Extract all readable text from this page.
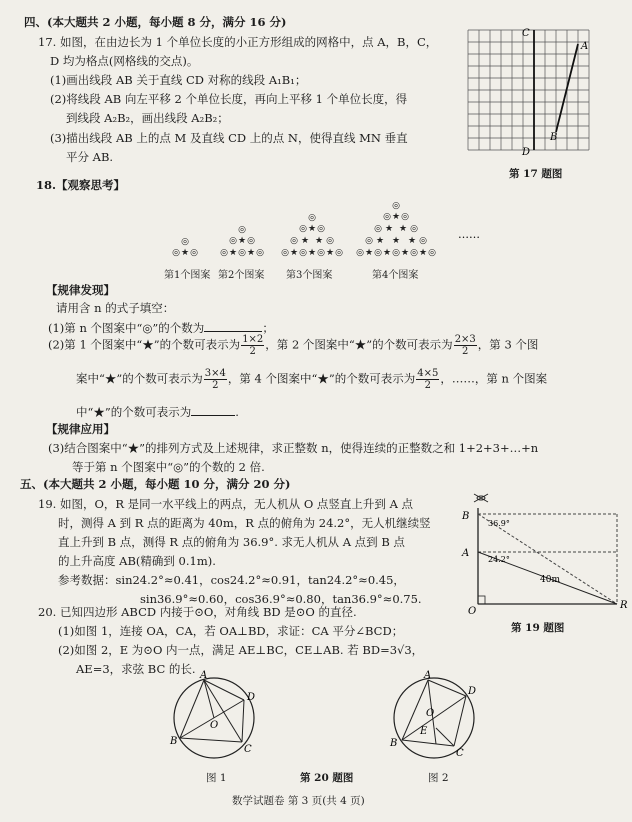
四、(本大题共 2 小题，每小题 8 分，满分 16 分)
17. 如图，在由边长为 1 个单位长度的小正方形组成的网格中，点 A，B，C，
D 均为格点(网格线的交点)。
(1)画出线段 AB 关于直线 CD 对称的线段 A₁B₁；
(2)将线段 AB 向左平移 2 个单位长度，再向上平移 1 个单位长度，得
到线段 A₂B₂，画出线段 A₂B₂；
(3)描出线段 AB 上的点 M 及直线 CD 上的点 N，使得直线 MN 垂直
平分 AB.
C
A
B
D
第 17 题图
18.【观察思考】
◎
◎ ★ ◎
◎
◎ ★ ◎
◎ ★ ◎ ★ ◎
◎
◎ ★ ◎
◎ ★ ★ ◎
◎ ★ ◎ ★ ◎ ★ ◎
◎
◎ ★ ◎
◎ ★ ★ ◎
◎ ★ ★ ★ ◎
◎ ★ ◎ ★ ◎ ★ ◎ ★ ◎
……
第1个图案 第2个图案 第3个图案	第4个图案
【规律发现】
请用含 n 的式子填空：
(1)第 n 个图案中“◎”的个数为	；
(2)第 1 个图案中“★”的个数可表示为 $\frac{1\times 2}{2}$ ，第 2 个图案中“★”的个数可表示为 $\frac{2\times 3}{2}$ ，第 3 个图
案中“★”的个数可表示为 $\frac{3\times 4}{2}$ ，第 4 个图案中“★”的个数可表示为 $\frac{4\times 5}{2}$ ，……，第 n 个图案
中“★”的个数可表示为	.
【规律应用】
(3)结合图案中“★”的排列方式及上述规律，求正整数 n，使得连续的正整数之和 1+2+3+…+n
等于第 n 个图案中“◎”的个数的 2 倍.
五、(本大题共 2 小题，每小题 10 分，满分 20 分)
19. 如图，O，R 是同一水平线上的两点，无人机从 O 点竖直上升到 A 点
时，测得 A 到 R 点的距离为 40m，R 点的俯角为 24.2°，无人机继续竖
直上升到 B 点，测得 R 点的俯角为 36.9°. 求无人机从 A 点到 B 点
的上升高度 AB(精确到 0.1m).
参考数据：sin24.2°≈0.41，cos24.2°≈0.91，tan24.2°≈0.45，
sin36.9°≈0.60，cos36.9°≈0.80，tan36.9°≈0.75.
B
A
O
R
36.9°
24.2°
40m
第 19 题图
20. 已知四边形 ABCD 内接于⊙O，对角线 BD 是⊙O 的直径.
(1)如图 1，连接 OA，CA，若 OA⊥BD，求证：CA 平分∠BCD；
(2)如图 2，E 为⊙O 内一点，满足 AE⊥BC，CE⊥AB. 若 BD=3√3，
AE=3，求弦 BC 的长. A
D
O
B
C
A
D
O
E
B
C
图 1	第 20 题图	图 2
数学试题卷 第 3 页(共 4 页)
